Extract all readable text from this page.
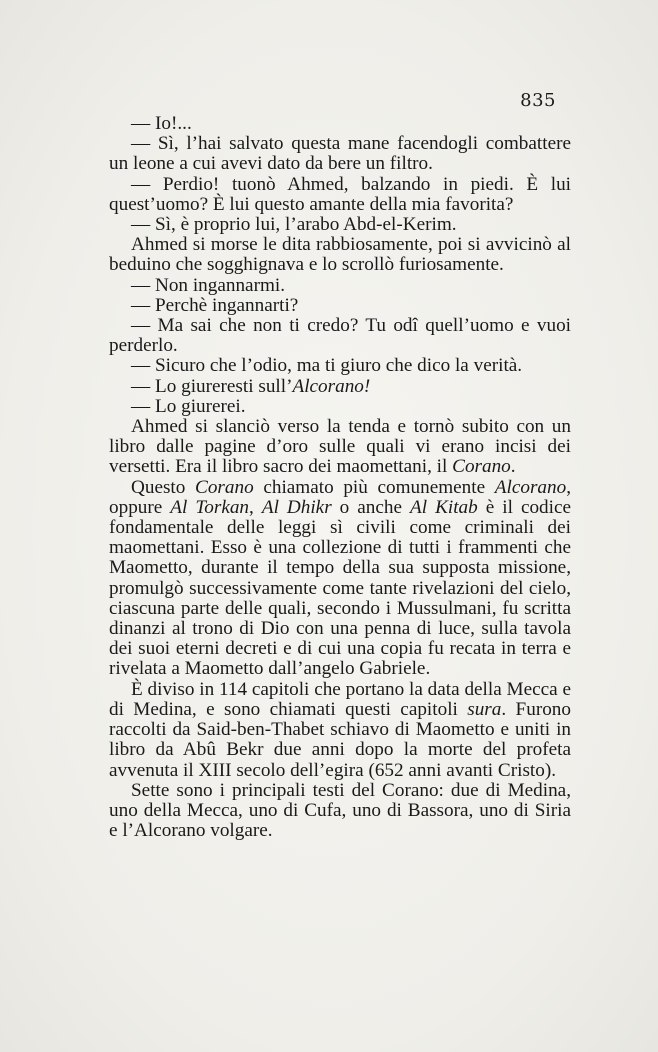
835

— Io!...

— Sì, l’hai salvato questa mane facendogli combattere un leone a cui avevi dato da bere un filtro.

— Perdio! tuonò Ahmed, balzando in piedi. È lui quest’uomo? È lui questo amante della mia favorita?

— Sì, è proprio lui, l’arabo Abd-el-Kerim.

Ahmed si morse le dita rabbiosamente, poi si avvicinò al beduino che sogghignava e lo scrollò furiosamente.

— Non ingannarmi.

— Perchè ingannarti?

— Ma sai che non ti credo? Tu odî quell’uomo e vuoi perderlo.

— Sicuro che l’odio, ma ti giuro che dico la verità.

— Lo giureresti sull’Alcorano!

— Lo giurerei.

Ahmed si slanciò verso la tenda e tornò subito con un libro dalle pagine d’oro sulle quali vi erano incisi dei versetti. Era il libro sacro dei maomettani, il Corano.

Questo Corano chiamato più comunemente Alcorano, oppure Al Torkan, Al Dhikr o anche Al Kitab è il codice fondamentale delle leggi sì civili come criminali dei maomettani. Esso è una collezione di tutti i frammenti che Maometto, durante il tempo della sua supposta missione, promulgò successivamente come tante rivelazioni del cielo, ciascuna parte delle quali, secondo i Mussulmani, fu scritta dinanzi al trono di Dio con una penna di luce, sulla tavola dei suoi eterni decreti e di cui una copia fu recata in terra e rivelata a Maometto dall’angelo Gabriele.

È diviso in 114 capitoli che portano la data della Mecca e di Medina, e sono chiamati questi capitoli sura. Furono raccolti da Said-ben-Thabet schiavo di Maometto e uniti in libro da Abû Bekr due anni dopo la morte del profeta avvenuta il XIII secolo dell’egira (652 anni avanti Cristo).

Sette sono i principali testi del Corano: due di Medina, uno della Mecca, uno di Cufa, uno di Bassora, uno di Siria e l’Alcorano volgare.
